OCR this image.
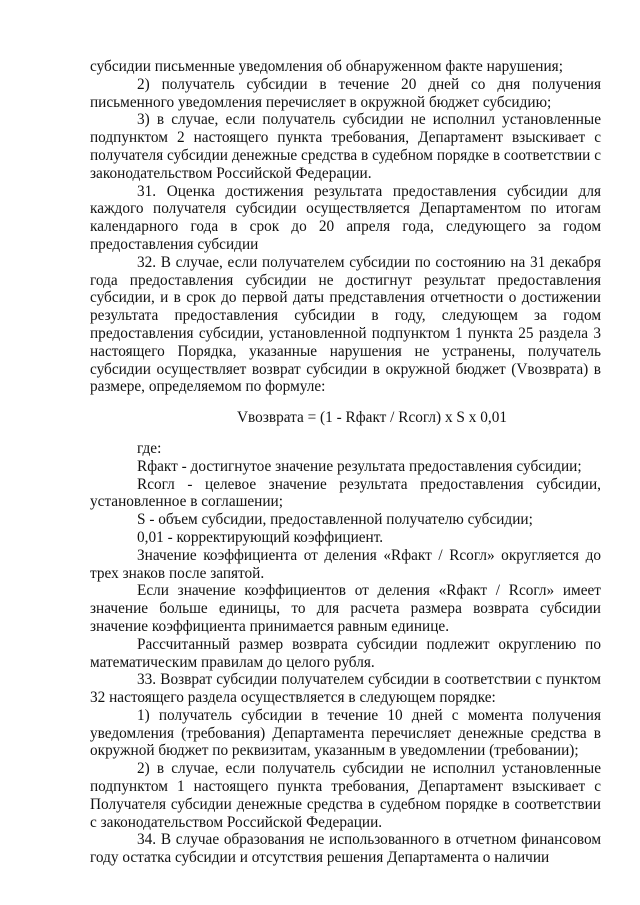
субсидии письменные уведомления об обнаруженном факте нарушения;

2) получатель субсидии в течение 20 дней со дня получения письменного уведомления перечисляет в окружной бюджет субсидию;

3) в случае, если получатель субсидии не исполнил установленные подпунктом 2 настоящего пункта требования, Департамент взыскивает с получателя субсидии денежные средства в судебном порядке в соответствии с законодательством Российской Федерации.

31. Оценка достижения результата предоставления субсидии для каждого получателя субсидии осуществляется Департаментом по итогам календарного года в срок до 20 апреля года, следующего за годом предоставления субсидии

32. В случае, если получателем субсидии по состоянию на 31 декабря года предоставления субсидии не достигнут результат предоставления субсидии, и в срок до первой даты представления отчетности о достижении результата предоставления субсидии в году, следующем за годом предоставления субсидии, установленной подпунктом 1 пункта 25 раздела 3 настоящего Порядка, указанные нарушения не устранены, получатель субсидии осуществляет возврат субсидии в окружной бюджет (Vвозврата) в размере, определяемом по формуле:

Vвозврата = (1 - Rфакт / Rсогл) x S x 0,01

где:

Rфакт - достигнутое значение результата предоставления субсидии;

Rсогл - целевое значение результата предоставления субсидии, установленное в соглашении;

S - объем субсидии, предоставленной получателю субсидии;

0,01 - корректирующий коэффициент.

Значение коэффициента от деления «Rфакт / Rсогл» округляется до трех знаков после запятой.

Если значение коэффициентов от деления «Rфакт / Rсогл» имеет значение больше единицы, то для расчета размера возврата субсидии значение коэффициента принимается равным единице.

Рассчитанный размер возврата субсидии подлежит округлению по математическим правилам до целого рубля.

33. Возврат субсидии получателем субсидии в соответствии с пунктом 32 настоящего раздела осуществляется в следующем порядке:

1) получатель субсидии в течение 10 дней с момента получения уведомления (требования) Департамента перечисляет денежные средства в окружной бюджет по реквизитам, указанным в уведомлении (требовании);

2) в случае, если получатель субсидии не исполнил установленные подпунктом 1 настоящего пункта требования, Департамент взыскивает с Получателя субсидии денежные средства в судебном порядке в соответствии с законодательством Российской Федерации.

34. В случае образования не использованного в отчетном финансовом году остатка субсидии и отсутствия решения Департамента о наличии
